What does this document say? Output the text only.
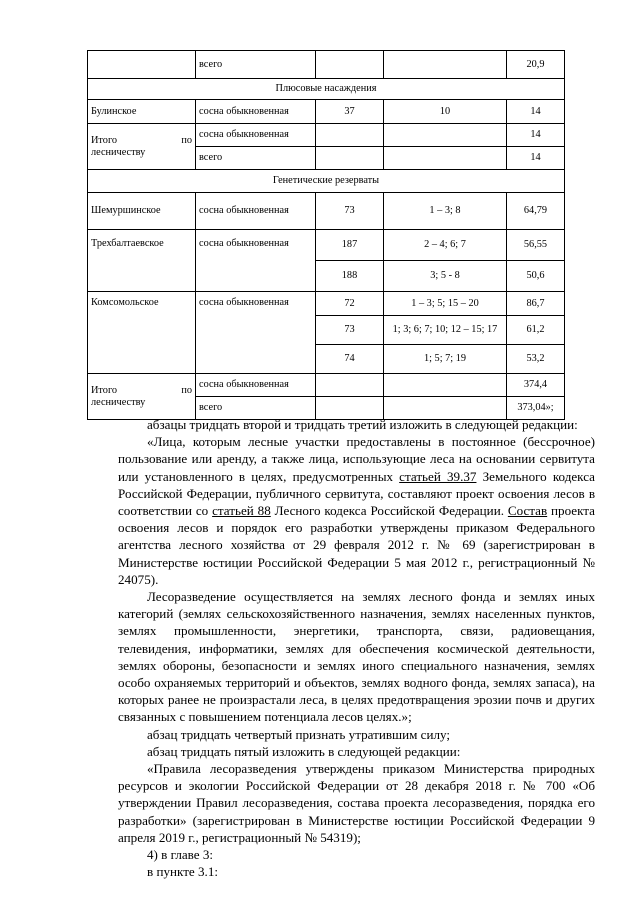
	всего			20,9
Плюсовые насаждения				
Булинское	сосна обыкновенная	37	10	14

Итого по
лесничеству	сосна обыкновенная			14
	всего			14
Генетические резерваты				
Шемуршинское	сосна обыкновенная	73	1 – 3; 8	64,79
Трехбалтаевское	сосна обыкновенная	187	2 – 4; 6; 7	56,55
		188	3; 5 - 8	50,6
Комсомольское	сосна обыкновенная	72	1 – 3; 5; 15 – 20	86,7
		73	1; 3; 6; 7; 10; 12 – 15; 17	61,2
		74	1; 5; 7; 19	53,2

Итого по
лесничеству	сосна обыкновенная			374,4
	всего			373,04»;

абзацы тридцать второй и тридцать третий изложить в следующей редакции:

«Лица, которым лесные участки предоставлены в постоянное (бессрочное) пользование или аренду, а также лица, использующие леса на основании сервитута или установленного в целях, предусмотренных статьей 39.37 Земельного кодекса Российской Федерации, публичного сервитута, составляют проект освоения лесов в соответствии со статьей 88 Лесного кодекса Российской Федерации. Состав проекта освоения лесов и порядок его разработки утверждены приказом Федерального агентства лесного хозяйства от 29 февраля 2012 г. № 69 (зарегистрирован в Министерстве юстиции Российской Федерации 5 мая 2012 г., регистрационный № 24075).

Лесоразведение осуществляется на землях лесного фонда и землях иных категорий (землях сельскохозяйственного назначения, землях населенных пунктов, землях промышленности, энергетики, транспорта, связи, радиовещания, телевидения, информатики, землях для обеспечения космической деятельности, землях обороны, безопасности и землях иного специального назначения, землях особо охраняемых территорий и объектов, землях водного фонда, землях запаса), на которых ранее не произрастали леса, в целях предотвращения эрозии почв и других связанных с повышением потенциала лесов целях.»;

абзац тридцать четвертый признать утратившим силу;

абзац тридцать пятый изложить в следующей редакции:

«Правила лесоразведения утверждены приказом Министерства природных ресурсов и экологии Российской Федерации от 28 декабря 2018 г. № 700 «Об утверждении Правил лесоразведения, состава проекта лесоразведения, порядка его разработки» (зарегистрирован в Министерстве юстиции Российской Федерации 9 апреля 2019 г., регистрационный № 54319);

4) в главе 3:

в пункте 3.1:
